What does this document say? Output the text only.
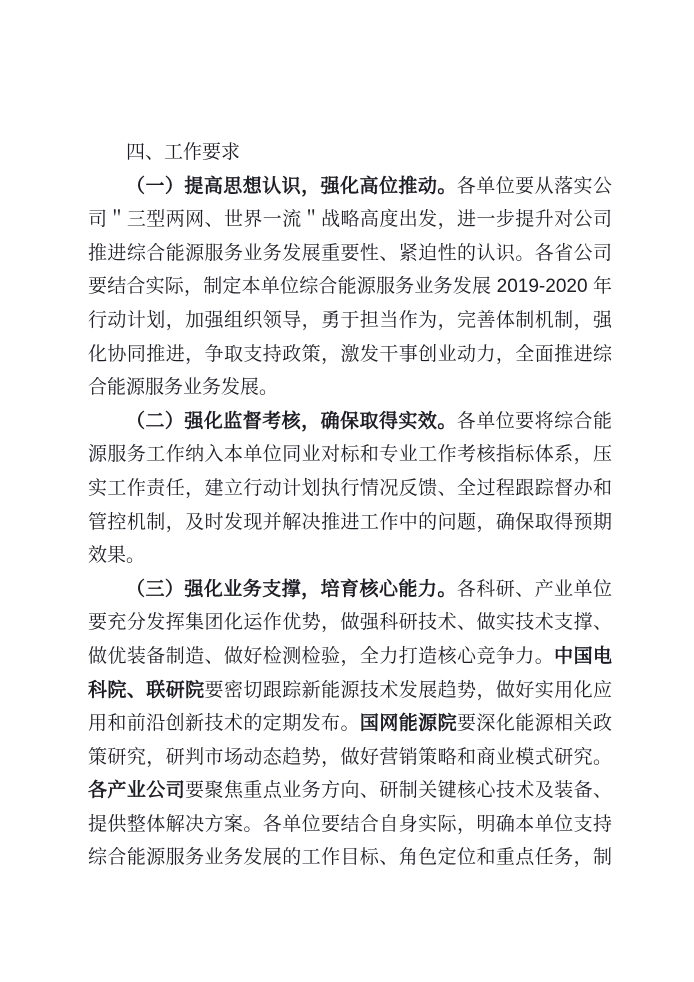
四、工作要求
（一）提高思想认识，强化高位推动。各单位要从落实公
司＂三型两网、世界一流＂战略高度出发，进一步提升对公司
推进综合能源服务业务发展重要性、紧迫性的认识。各省公司
要结合实际，制定本单位综合能源服务业务发展 2019-2020 年
行动计划，加强组织领导，勇于担当作为，完善体制机制，强
化协同推进，争取支持政策，激发干事创业动力，全面推进综
合能源服务业务发展。
（二）强化监督考核，确保取得实效。各单位要将综合能
源服务工作纳入本单位同业对标和专业工作考核指标体系，压
实工作责任，建立行动计划执行情况反馈、全过程跟踪督办和
管控机制，及时发现并解决推进工作中的问题，确保取得预期
效果。
（三）强化业务支撑，培育核心能力。各科研、产业单位
要充分发挥集团化运作优势，做强科研技术、做实技术支撑、
做优装备制造、做好检测检验，全力打造核心竞争力。中国电
科院、联研院要密切跟踪新能源技术发展趋势，做好实用化应
用和前沿创新技术的定期发布。国网能源院要深化能源相关政
策研究，研判市场动态趋势，做好营销策略和商业模式研究。
各产业公司要聚焦重点业务方向、研制关键核心技术及装备、
提供整体解决方案。各单位要结合自身实际，明确本单位支持
综合能源服务业务发展的工作目标、角色定位和重点任务，制
